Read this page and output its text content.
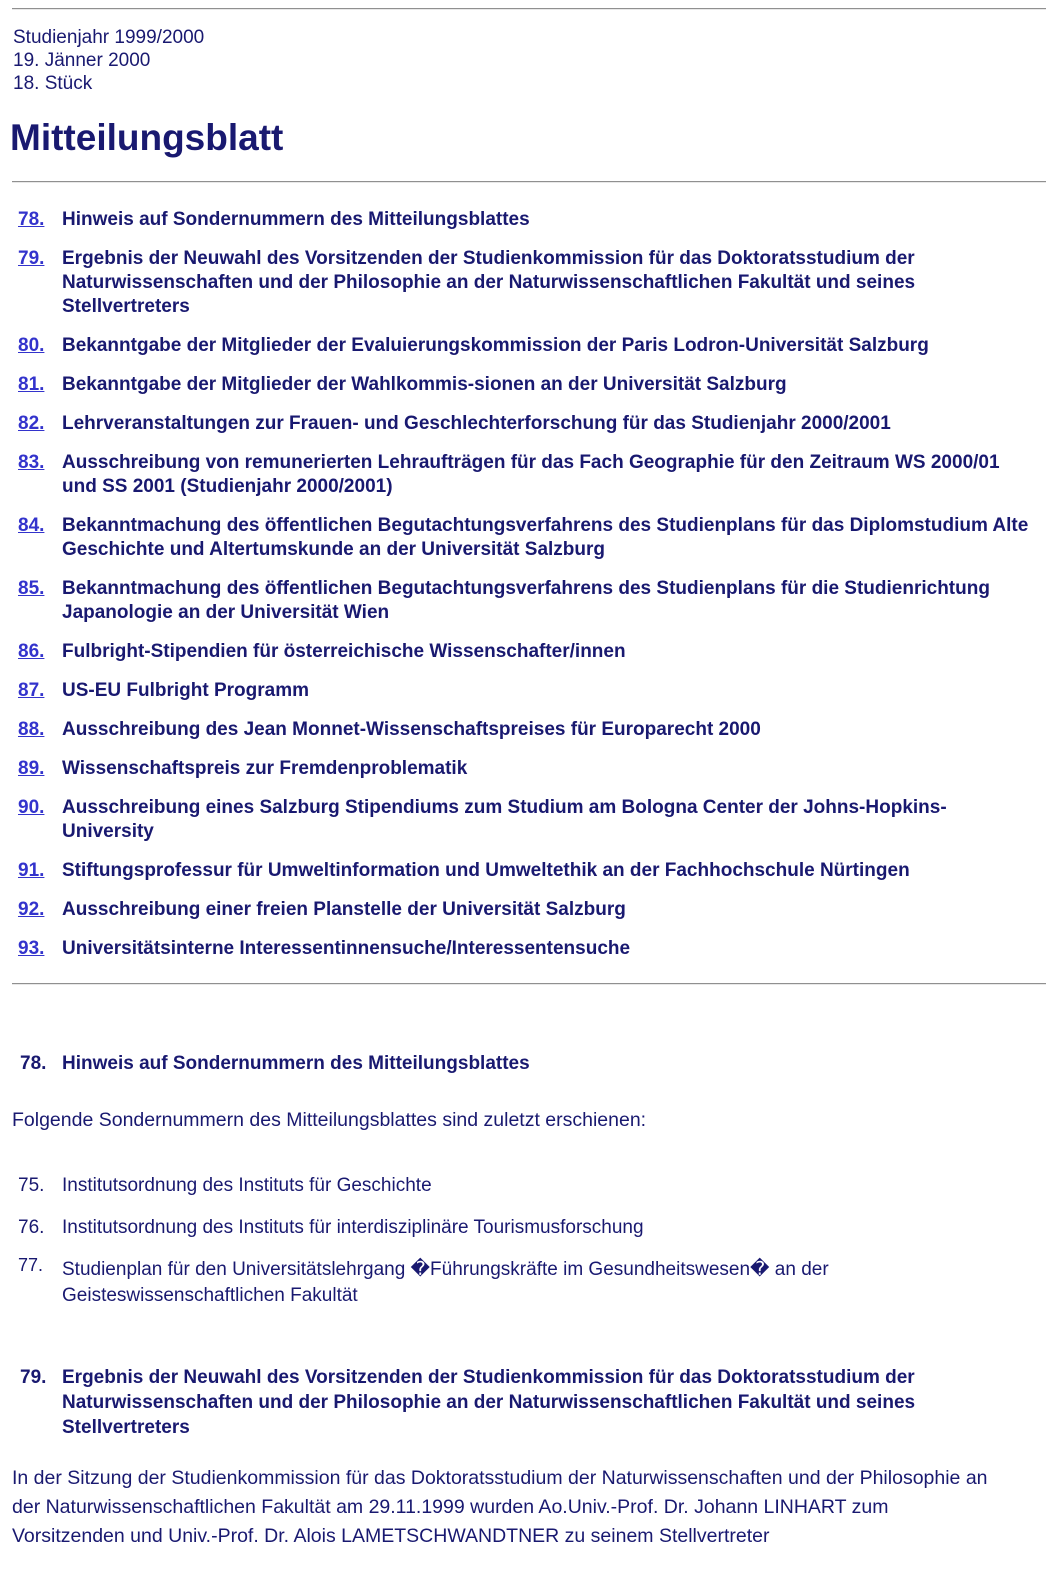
Studienjahr 1999/2000
19. Jänner 2000
18. Stück
Mitteilungsblatt
78. Hinweis auf Sondernummern des Mitteilungsblattes
79. Ergebnis der Neuwahl des Vorsitzenden der Studienkommission für das Doktoratsstudium der Naturwissenschaften und der Philosophie an der Naturwissenschaftlichen Fakultät und seines Stellvertreters
80. Bekanntgabe der Mitglieder der Evaluierungskommission der Paris Lodron-Universität Salzburg
81. Bekanntgabe der Mitglieder der Wahlkommis-sionen an der Universität Salzburg
82. Lehrveranstaltungen zur Frauen- und Geschlechterforschung für das Studienjahr 2000/2001
83. Ausschreibung von remunerierten Lehraufträgen für das Fach Geographie für den Zeitraum WS 2000/01 und SS 2001 (Studienjahr 2000/2001)
84. Bekanntmachung des öffentlichen Begutachtungsverfahrens des Studienplans für das Diplomstudium Alte Geschichte und Altertumskunde an der Universität Salzburg
85. Bekanntmachung des öffentlichen Begutachtungsverfahrens des Studienplans für die Studienrichtung Japanologie an der Universität Wien
86. Fulbright-Stipendien für österreichische Wissenschafter/innen
87. US-EU Fulbright Programm
88. Ausschreibung des Jean Monnet-Wissenschaftspreises für Europarecht 2000
89. Wissenschaftspreis zur Fremdenproblematik
90. Ausschreibung eines Salzburg Stipendiums zum Studium am Bologna Center der Johns-Hopkins-University
91. Stiftungsprofessur für Umweltinformation und Umweltethik an der Fachhochschule Nürtingen
92. Ausschreibung einer freien Planstelle der Universität Salzburg
93. Universitätsinterne Interessentinnensuche/Interessentensuche
78. Hinweis auf Sondernummern des Mitteilungsblattes

Folgende Sondernummern des Mitteilungsblattes sind zuletzt erschienen:

75. Institutsordnung des Instituts für Geschichte
76. Institutsordnung des Instituts für interdisziplinäre Tourismusforschung
77. Studienplan für den Universitätslehrgang �Führungskräfte im Gesundheitswesen� an der Geisteswissenschaftlichen Fakultät
79. Ergebnis der Neuwahl des Vorsitzenden der Studienkommission für das Doktoratsstudium der Naturwissenschaften und der Philosophie an der Naturwissenschaftlichen Fakultät und seines Stellvertreters

In der Sitzung der Studienkommission für das Doktoratsstudium der Naturwissenschaften und der Philosophie an der Naturwissenschaftlichen Fakultät am 29.11.1999 wurden Ao.Univ.-Prof. Dr. Johann LINHART zum Vorsitzenden und Univ.-Prof. Dr. Alois LAMETSCHWANDTNER zu seinem Stellvertreter
